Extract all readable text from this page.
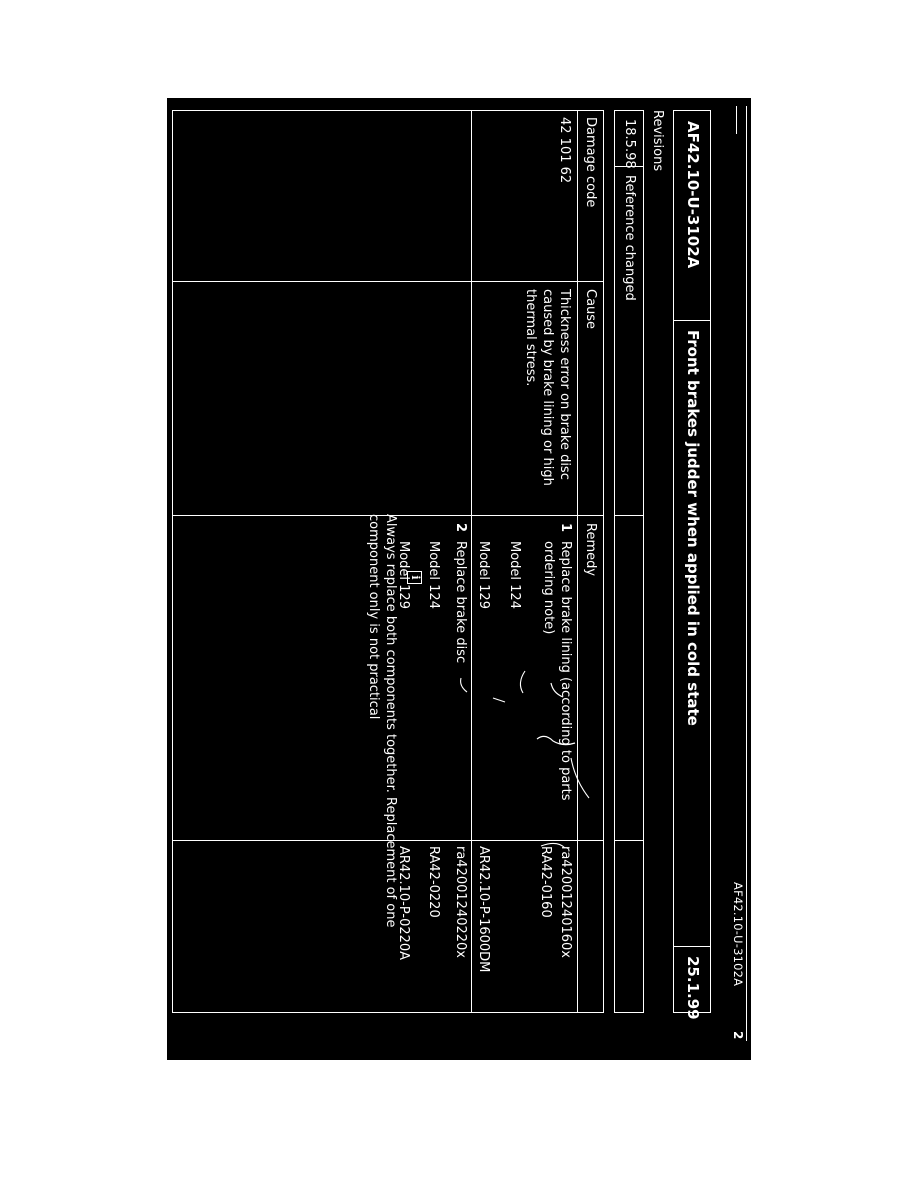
AF42.10-U-3102A
2
AF42.10-U-3102A
Front brakes judder when applied in cold state
25.1.99
Revisions
18.5.98
Reference changed
Damage code
Cause
Remedy
42 101 62
Thickness error on brake disc caused by brake lining or high thermal stress.
1
Replace brake lining (according to parts
ordering note)
Model 124
Model 129
2
Replace brake disc
Model 124
Model 129
ra42001240160x
RA42-0160
AR42.10-P-1600DM
ra42001240220x
RA42-0220
AR42.10-P-0220A
i
Always replace both components together. Replacement of one component only is not practical
